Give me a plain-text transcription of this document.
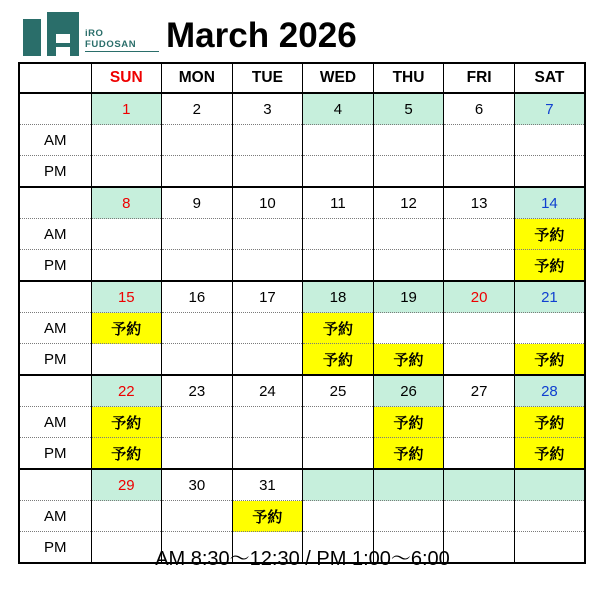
iRO
FUDOSAN March 2026
	SUN	MON	TUE	WED	THU	FRI	SAT
	1	2	3	4	5	6	7
AM							
PM							
	8	9	10	11	12	13	14
AM							予約
PM							予約
	15	16	17	18	19	20	21
AM	予約			予約			
PM				予約	予約		予約
	22	23	24	25	26	27	28
AM	予約				予約		予約
PM	予約				予約		予約
	29	30	31				
AM			予約				
PM							
AM 8:30～12:30 / PM 1:00～6:00
